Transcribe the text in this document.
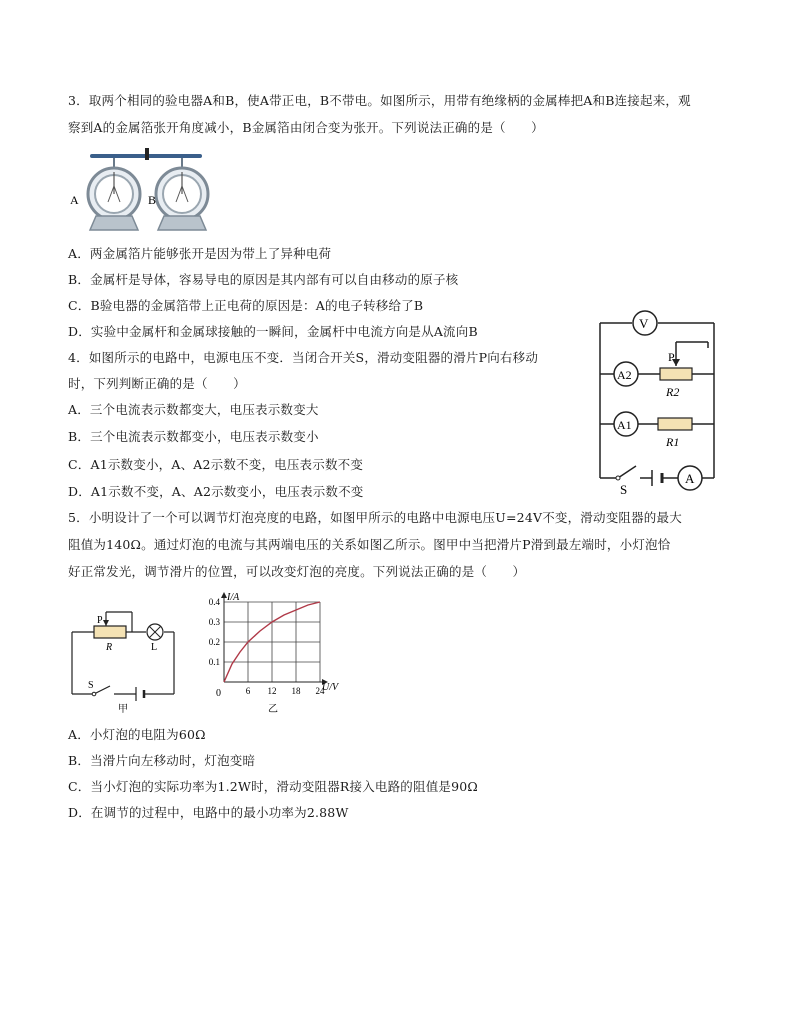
3．取两个相同的验电器A和B，使A带正电，B不带电。如图所示，用带有绝缘柄的金属棒把A和B连接起来，观
察到A的金属箔张开角度减小，B金属箔由闭合变为张开。下列说法正确的是（　　）
A	B
A．两金属箔片能够张开是因为带上了异种电荷
B．金属杆是导体，容易导电的原因是其内部有可以自由移动的原子核
C．B验电器的金属箔带上正电荷的原因是：A的电子转移给了B
D．实验中金属杆和金属球接触的一瞬间，金属杆中电流方向是从A流向B
4．如图所示的电路中，电源电压不变．当闭合开关S，滑动变阻器的滑片P向右移动
时，下列判断正确的是（　　）
A．三个电流表示数都变大，电压表示数变大
B．三个电流表示数都变小，电压表示数变小
C．A1示数变小，A、A2示数不变，电压表示数不变
D．A1示数不变，A、A2示数变小，电压表示数不变
V
A2
P
R2
A1
R1
A
S
5．小明设计了一个可以调节灯泡亮度的电路，如图甲所示的电路中电源电压U=24V不变，滑动变阻器的最大
阻值为140Ω。通过灯泡的电流与其两端电压的关系如图乙所示。图甲中当把滑片P滑到最左端时，小灯泡恰
好正常发光，调节滑片的位置，可以改变灯泡的亮度。下列说法正确的是（　　）
P
R	L
S
甲
6 12 18 24
0.1
0.2
0.3
0.4 I/A
U/V
0
乙
A．小灯泡的电阻为60Ω
B．当滑片向左移动时，灯泡变暗
C．当小灯泡的实际功率为1.2W时，滑动变阻器R接入电路的阻值是90Ω
D．在调节的过程中，电路中的最小功率为2.88W
